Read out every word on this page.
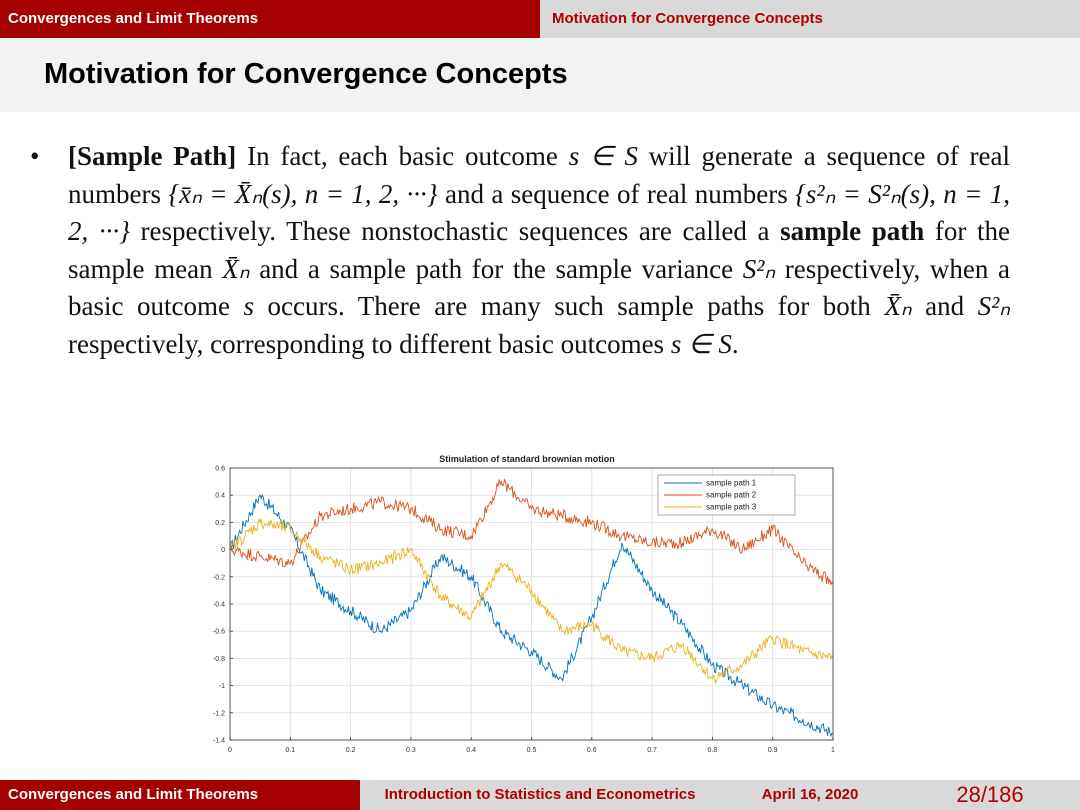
Convergences and Limit Theorems	Motivation for Convergence Concepts
Motivation for Convergence Concepts
•	[Sample Path] In fact, each basic outcome s ∈ S will generate a sequence of real numbers {x̄ₙ = X̄ₙ(s), n = 1, 2, ···} and a sequence of real numbers {s²ₙ = S²ₙ(s), n = 1, 2, ···} respectively. These nonstochastic sequences are called a sample path for the sample mean X̄ₙ and a sample path for the sample variance S²ₙ respectively, when a basic outcome s occurs. There are many such sample paths for both X̄ₙ and S²ₙ respectively, corresponding to different basic outcomes s ∈ S.
Stimulation of standard brownian motion
0	0.1	0.2	0.3	0.4	0.5	0.6	0.7	0.8	0.9	1
0.6
0.4
0.2
0
-0.2
-0.4
-0.6
-0.8
-1
-1.2
-1.4
sample path 1
sample path 2
sample path 3
Convergences and Limit Theorems	Introduction to Statistics and Econometrics	April 16, 2020	28/186
